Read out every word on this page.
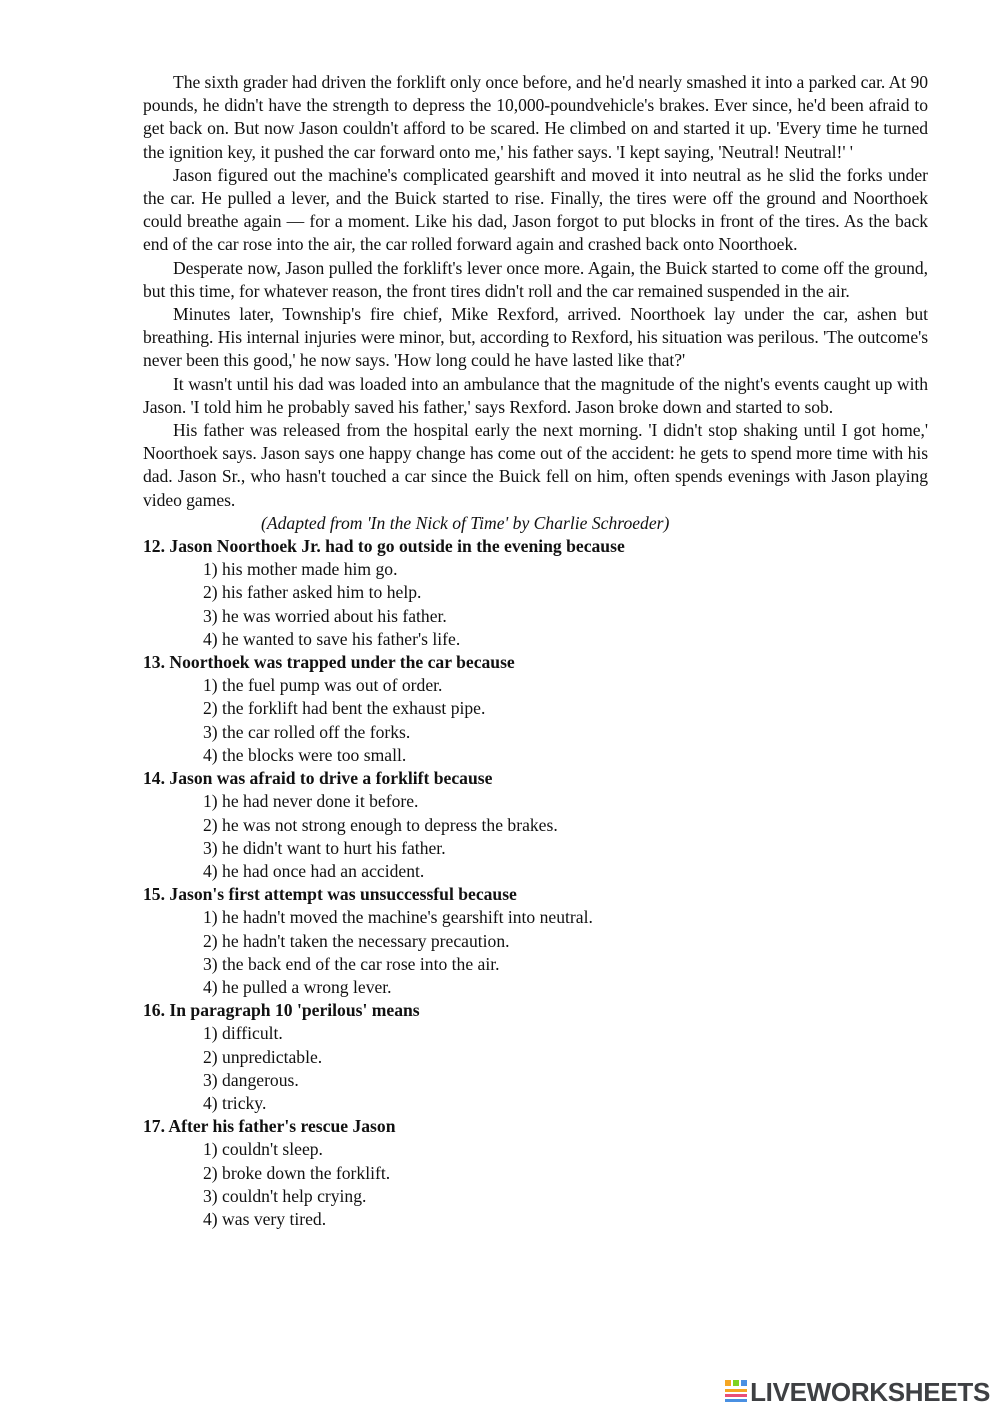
The sixth grader had driven the forklift only once before, and he'd nearly smashed it into a parked car. At 90 pounds, he didn't have the strength to depress the 10,000-poundvehicle's brakes. Ever since, he'd been afraid to get back on. But now Jason couldn't afford to be scared. He climbed on and started it up. 'Every time he turned the ignition key, it pushed the car forward onto me,' his father says. 'I kept saying, 'Neutral! Neutral!' '

Jason figured out the machine's complicated gearshift and moved it into neutral as he slid the forks under the car. He pulled a lever, and the Buick started to rise. Finally, the tires were off the ground and Noorthoek could breathe again — for a moment. Like his dad, Jason forgot to put blocks in front of the tires. As the back end of the car rose into the air, the car rolled forward again and crashed back onto Noorthoek.

Desperate now, Jason pulled the forklift's lever once more. Again, the Buick started to come off the ground, but this time, for whatever reason, the front tires didn't roll and the car remained suspended in the air.

Minutes later, Township's fire chief, Mike Rexford, arrived. Noorthoek lay under the car, ashen but breathing. His internal injuries were minor, but, according to Rexford, his situation was perilous. 'The outcome's never been this good,' he now says. 'How long could he have lasted like that?'

It wasn't until his dad was loaded into an ambulance that the magnitude of the night's events caught up with Jason. 'I told him he probably saved his father,' says Rexford. Jason broke down and started to sob.

His father was released from the hospital early the next morning. 'I didn't stop shaking until I got home,' Noorthoek says. Jason says one happy change has come out of the accident: he gets to spend more time with his dad. Jason Sr., who hasn't touched a car since the Buick fell on him, often spends evenings with Jason playing video games.

(Adapted from 'In the Nick of Time' by Charlie Schroeder)

12. Jason Noorthoek Jr. had to go outside in the evening because

1) his mother made him go.
2) his father asked him to help.
3) he was worried about his father.
4) he wanted to save his father's life.

13. Noorthoek was trapped under the car because

1) the fuel pump was out of order.
2) the forklift had bent the exhaust pipe.
3) the car rolled off the forks.
4) the blocks were too small.

14. Jason was afraid to drive a forklift because

1) he had never done it before.
2) he was not strong enough to depress the brakes.
3) he didn't want to hurt his father.
4) he had once had an accident.

15. Jason's first attempt was unsuccessful because

1) he hadn't moved the machine's gearshift into neutral.
2) he hadn't taken the necessary precaution.
3) the back end of the car rose into the air.
4) he pulled a wrong lever.

16. In paragraph 10 'perilous' means

1) difficult.
2) unpredictable.
3) dangerous.
4) tricky.

17. After his father's rescue Jason

1) couldn't sleep.
2) broke down the forklift.
3) couldn't help crying.
4) was very tired.
LIVEWORKSHEETS
